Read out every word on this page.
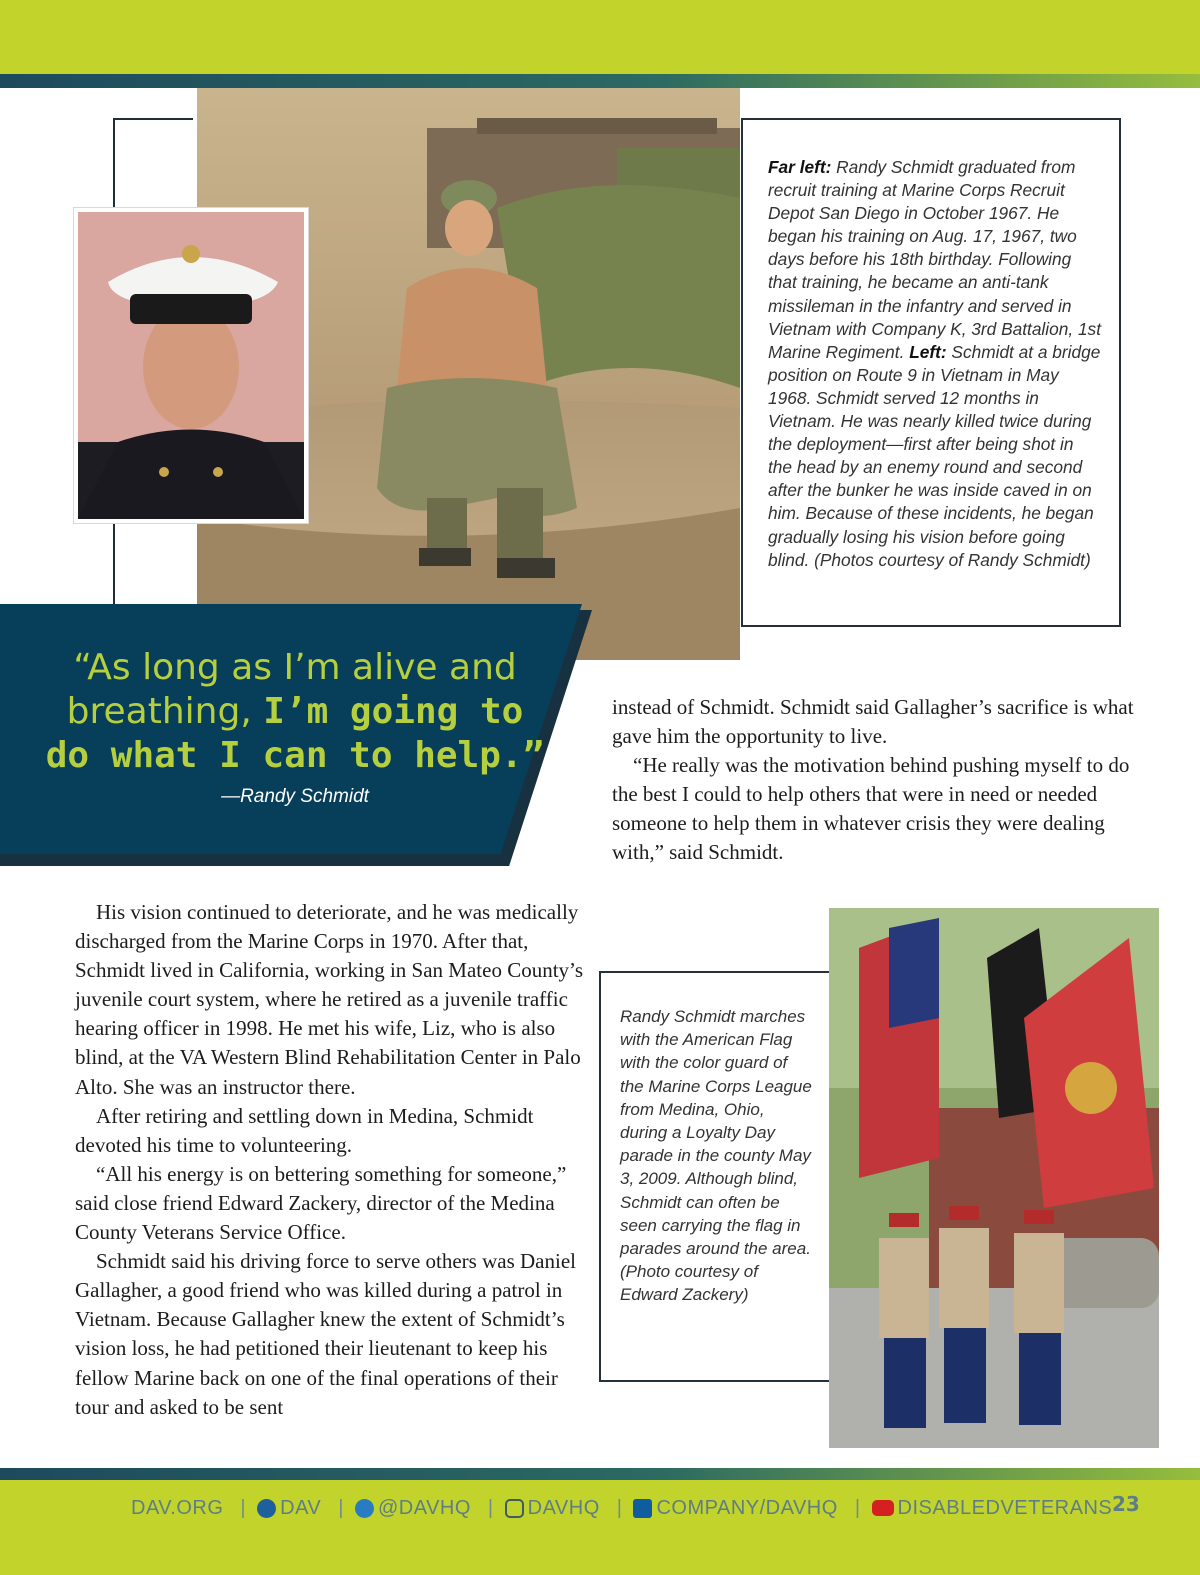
Far left: Randy Schmidt graduated from recruit training at Marine Corps Recruit Depot San Diego in October 1967. He began his training on Aug. 17, 1967, two days before his 18th birthday. Following that training, he became an anti-tank missileman in the infantry and served in Vietnam with Company K, 3rd Battalion, 1st Marine Regiment. Left: Schmidt at a bridge position on Route 9 in Vietnam in May 1968. Schmidt served 12 months in Vietnam. He was nearly killed twice during the deployment—first after being shot in the head by an enemy round and second after the bunker he was inside caved in on him. Because of these incidents, he began gradually losing his vision before going blind. (Photos courtesy of Randy Schmidt)
“As long as I’m alive and
breathing, I’m going to
do what I can to help.”
—Randy Schmidt

instead of Schmidt. Schmidt said Gallagher’s sacrifice is what gave him the opportunity to live.

“He really was the motivation behind pushing myself to do the best I could to help others that were in need or needed someone to help them in whatever crisis they were dealing with,” said Schmidt.

His vision continued to deteriorate, and he was medically discharged from the Marine Corps in 1970. After that, Schmidt lived in California, working in San Mateo County’s juvenile court system, where he retired as a juvenile traffic hearing officer in 1998. He met his wife, Liz, who is also blind, at the VA Western Blind Rehabilitation Center in Palo Alto. She was an instructor there.

After retiring and settling down in Medina, Schmidt devoted his time to volunteering.

“All his energy is on bettering something for someone,” said close friend Edward Zackery, director of the Medina County Veterans Service Office.

Schmidt said his driving force to serve others was Daniel Gallagher, a good friend who was killed during a patrol in Vietnam. Because Gallagher knew the extent of Schmidt’s vision loss, he had petitioned their lieutenant to keep his fellow Marine back on one of the final operations of their tour and asked to be sent

Randy Schmidt marches with the American Flag with the color guard of the Marine Corps League from Medina, Ohio, during a Loyalty Day parade in the county May 3, 2009. Although blind, Schmidt can often be seen carrying the flag in parades around the area. (Photo courtesy of Edward Zackery)
DAV.ORG | DAV | @DAVHQ | DAVHQ | COMPANY/DAVHQ | DISABLEDVETERANS 23
